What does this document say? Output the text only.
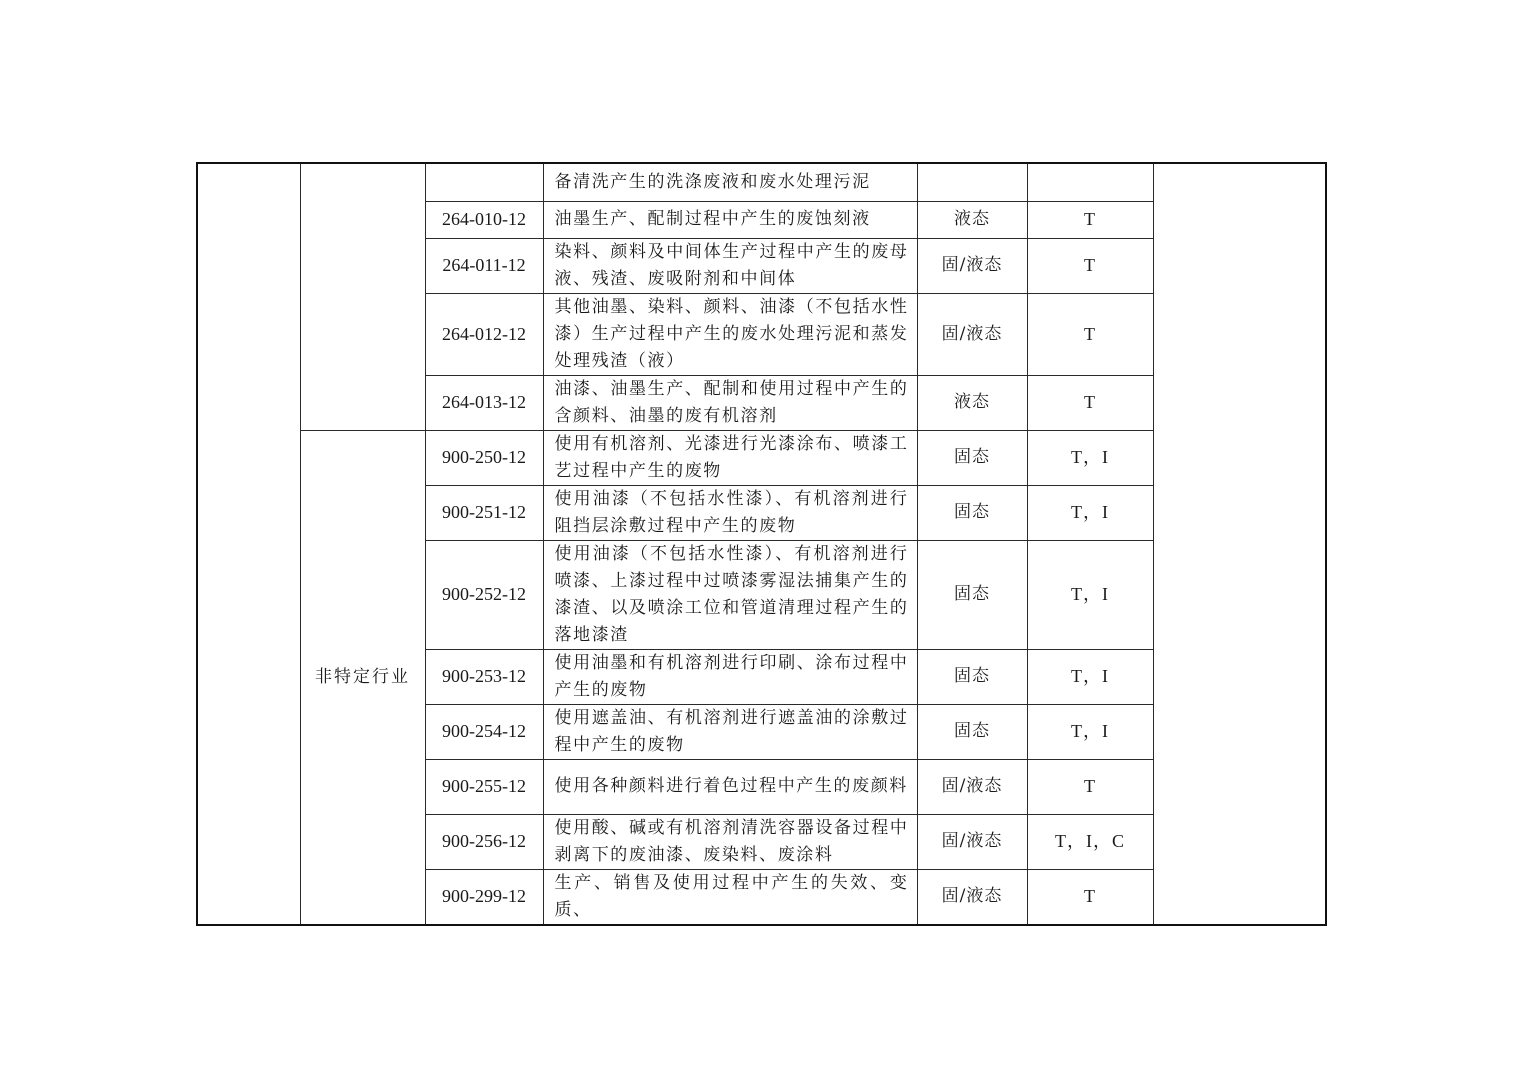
			备清洗产生的洗涤废液和废水处理污泥			
		264-010-12	油墨生产、配制过程中产生的废蚀刻液	液态	T	
		264-011-12	染料、颜料及中间体生产过程中产生的废母液、残渣、废吸附剂和中间体	固/液态	T	
		264-012-12	其他油墨、染料、颜料、油漆（不包括水性漆）生产过程中产生的废水处理污泥和蒸发处理残渣（液）	固/液态	T	
		264-013-12	油漆、油墨生产、配制和使用过程中产生的含颜料、油墨的废有机溶剂	液态	T	
	非特定行业	900-250-12	使用有机溶剂、光漆进行光漆涂布、喷漆工艺过程中产生的废物	固态	T，I	
		900-251-12	使用油漆（不包括水性漆）、有机溶剂进行阻挡层涂敷过程中产生的废物	固态	T，I	
		900-252-12	使用油漆（不包括水性漆）、有机溶剂进行喷漆、上漆过程中过喷漆雾湿法捕集产生的漆渣、以及喷涂工位和管道清理过程产生的落地漆渣	固态	T，I	
		900-253-12	使用油墨和有机溶剂进行印刷、涂布过程中产生的废物	固态	T，I	
		900-254-12	使用遮盖油、有机溶剂进行遮盖油的涂敷过程中产生的废物	固态	T，I	
		900-255-12	使用各种颜料进行着色过程中产生的废颜料	固/液态	T	
		900-256-12	使用酸、碱或有机溶剂清洗容器设备过程中剥离下的废油漆、废染料、废涂料	固/液态	T，I，C	
		900-299-12	生产、销售及使用过程中产生的失效、变质、	固/液态	T	
